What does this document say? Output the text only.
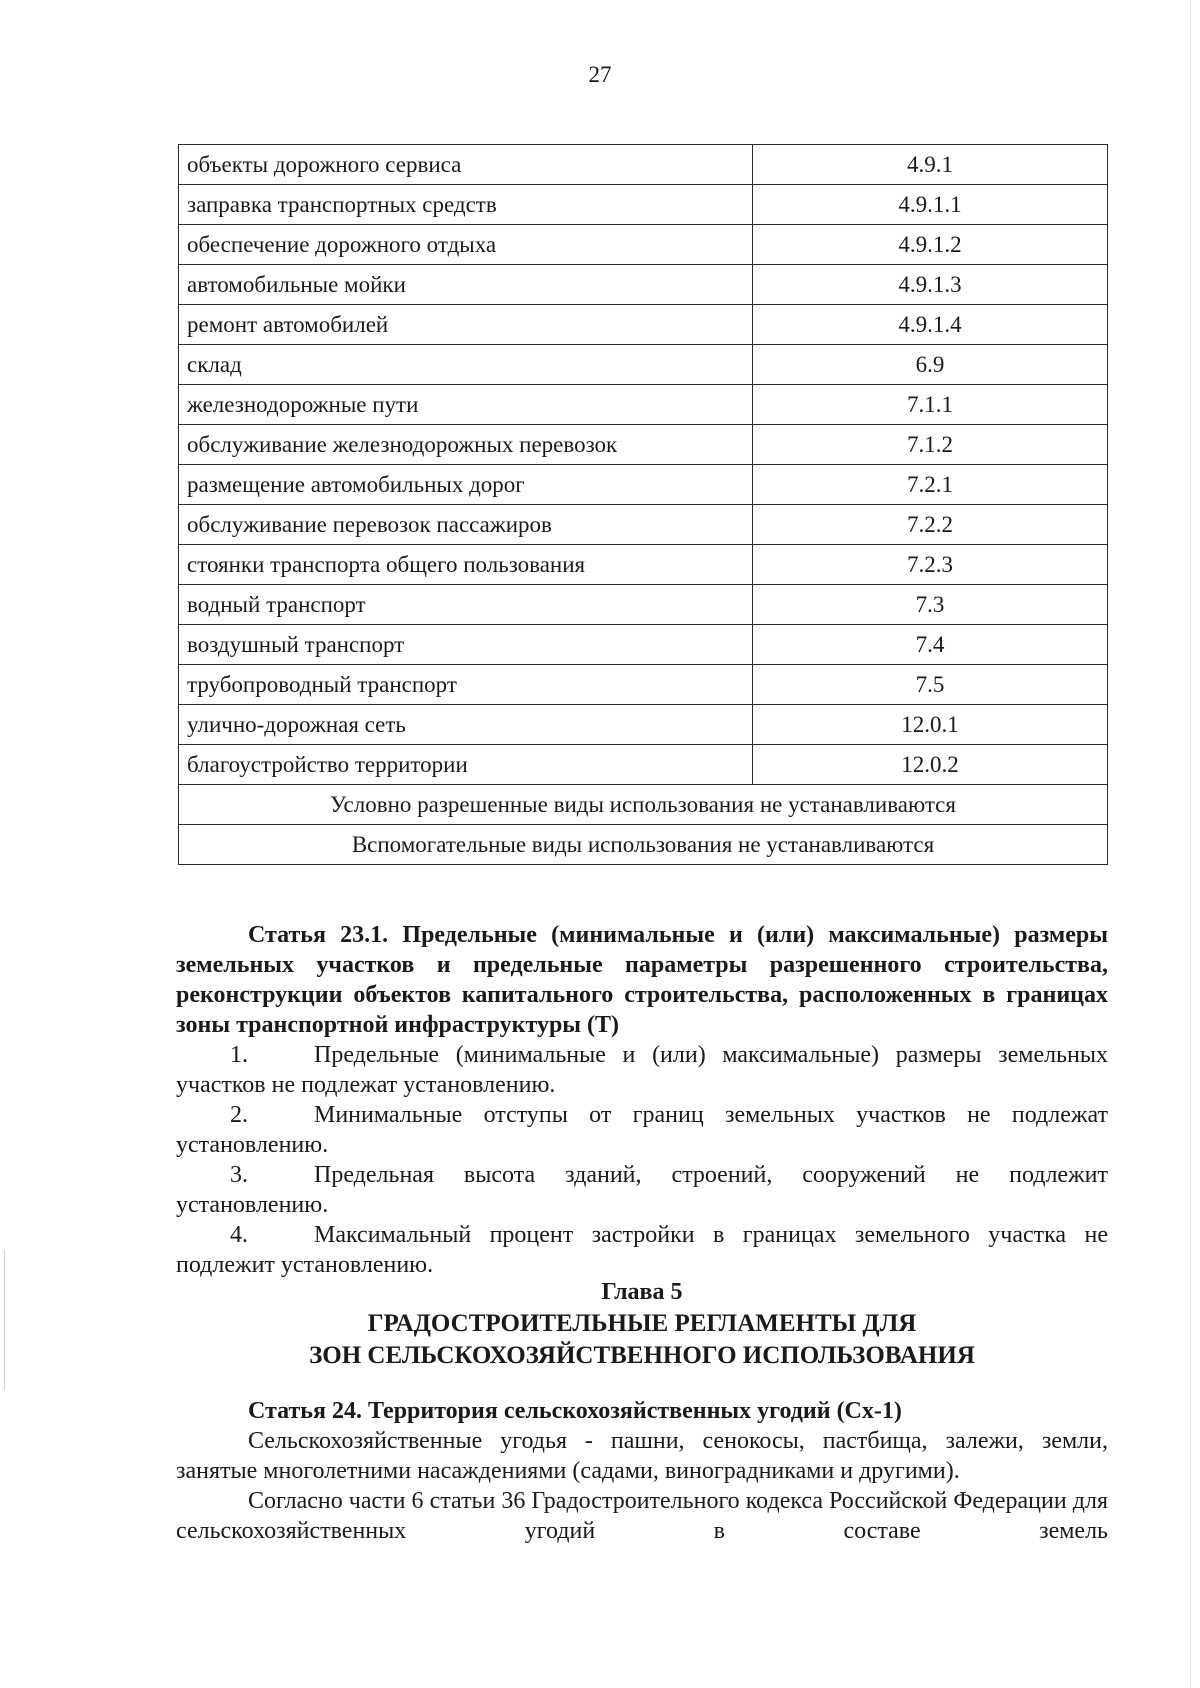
27
объекты дорожного сервиса	4.9.1
заправка транспортных средств	4.9.1.1
обеспечение дорожного отдыха	4.9.1.2
автомобильные мойки	4.9.1.3
ремонт автомобилей	4.9.1.4
склад	6.9
железнодорожные пути	7.1.1
обслуживание железнодорожных перевозок	7.1.2
размещение автомобильных дорог	7.2.1
обслуживание перевозок пассажиров	7.2.2
стоянки транспорта общего пользования	7.2.3
водный транспорт	7.3
воздушный транспорт	7.4
трубопроводный транспорт	7.5
улично-дорожная сеть	12.0.1
благоустройство территории	12.0.2
Условно разрешенные виды использования не устанавливаются	
Вспомогательные виды использования не устанавливаются	
Статья 23.1. Предельные (минимальные и (или) максимальные) размеры земельных участков и предельные параметры разрешенного строительства, реконструкции объектов капитального строительства, расположенных в границах зоны транспортной инфраструктуры (Т)
1.	Предельные (минимальные и (или) максимальные) размеры земельных участков не подлежат установлению.
2.	Минимальные отступы от границ земельных участков не подлежат установлению.
3.	Предельная высота зданий, строений, сооружений не подлежит установлению.
4.	Максимальный процент застройки в границах земельного участка не подлежит установлению.
Глава 5
ГРАДОСТРОИТЕЛЬНЫЕ РЕГЛАМЕНТЫ ДЛЯ
ЗОН СЕЛЬСКОХОЗЯЙСТВЕННОГО ИСПОЛЬЗОВАНИЯ
Статья 24. Территория сельскохозяйственных угодий (Сх-1)
Сельскохозяйственные угодья - пашни, сенокосы, пастбища, залежи, земли, занятые многолетними насаждениями (садами, виноградниками и другими).
Согласно части 6 статьи 36 Градостроительного кодекса Российской Федерации для сельскохозяйственных угодий в составе земель
